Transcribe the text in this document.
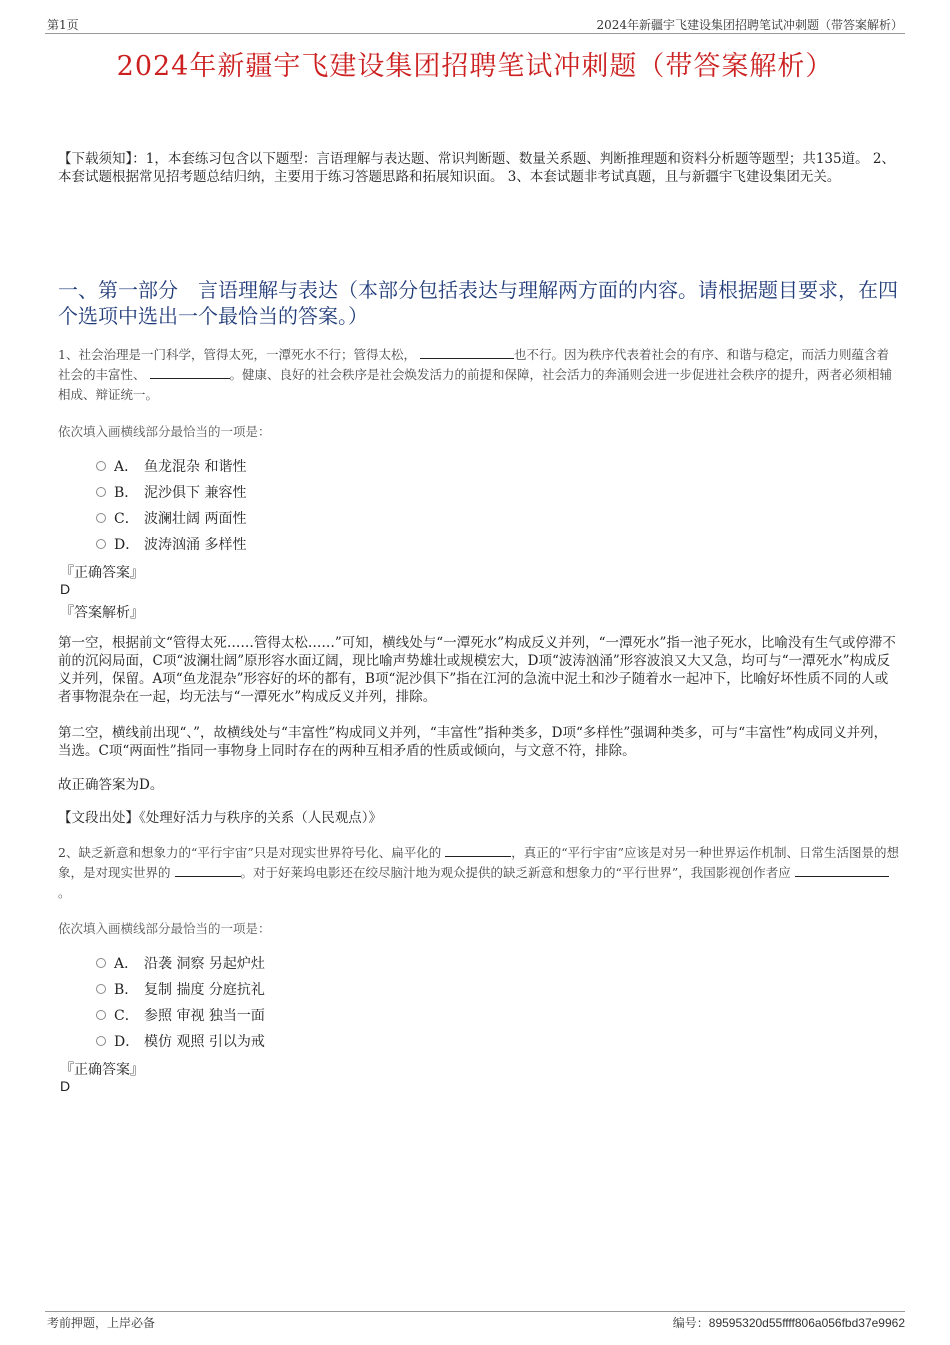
第1页	2024年新疆宇飞建设集团招聘笔试冲刺题（带答案解析）
2024年新疆宇飞建设集团招聘笔试冲刺题（带答案解析）
【下载须知】：1，本套练习包含以下题型：言语理解与表达题、常识判断题、数量关系题、判断推理题和资料分析题等题型；共135道。 2、本套试题根据常见招考题总结归纳，主要用于练习答题思路和拓展知识面。 3、本套试题非考试真题，且与新疆宇飞建设集团无关。
一、第一部分　言语理解与表达（本部分包括表达与理解两方面的内容。请根据题目要求，在四个选项中选出一个最恰当的答案。）
1、社会治理是一门科学，管得太死，一潭死水不行；管得太松，	也不行。因为秩序代表着社会的有序、和谐与稳定，而活力则蕴含着社会的丰富性、	。健康、良好的社会秩序是社会焕发活力的前提和保障，社会活力的奔涌则会进一步促进社会秩序的提升，两者必须相辅相成、辩证统一。
依次填入画横线部分最恰当的一项是：
A． 鱼龙混杂 和谐性
B． 泥沙俱下 兼容性
C． 波澜壮阔 两面性
D． 波涛汹涌 多样性
『正确答案』
D
『答案解析』
第一空，根据前文“管得太死……管得太松……”可知，横线处与“一潭死水”构成反义并列，“一潭死水”指一池子死水，比喻没有生气或停滞不前的沉闷局面，C项“波澜壮阔”原形容水面辽阔，现比喻声势雄壮或规模宏大，D项“波涛汹涌”形容波浪又大又急，均可与“一潭死水”构成反义并列，保留。A项“鱼龙混杂”形容好的坏的都有，B项“泥沙俱下”指在江河的急流中泥土和沙子随着水一起冲下，比喻好坏性质不同的人或者事物混杂在一起，均无法与“一潭死水”构成反义并列，排除。
第二空，横线前出现“、”，故横线处与“丰富性”构成同义并列，“丰富性”指种类多，D项“多样性”强调种类多，可与“丰富性”构成同义并列，当选。C项“两面性”指同一事物身上同时存在的两种互相矛盾的性质或倾向，与文意不符，排除。
故正确答案为D。
【文段出处】《处理好活力与秩序的关系（人民观点）》
2、缺乏新意和想象力的“平行宇宙”只是对现实世界符号化、扁平化的	，真正的“平行宇宙”应该是对另一种世界运作机制、日常生活图景的想象，是对现实世界的	。对于好莱坞电影还在绞尽脑汁地为观众提供的缺乏新意和想象力的“平行世界”，我国影视创作者应 。
依次填入画横线部分最恰当的一项是：
A． 沿袭 洞察 另起炉灶
B． 复制 揣度 分庭抗礼
C． 参照 审视 独当一面
D． 模仿 观照 引以为戒
『正确答案』
D
考前押题，上岸必备	编号：89595320d55ffff806a056fbd37e9962
